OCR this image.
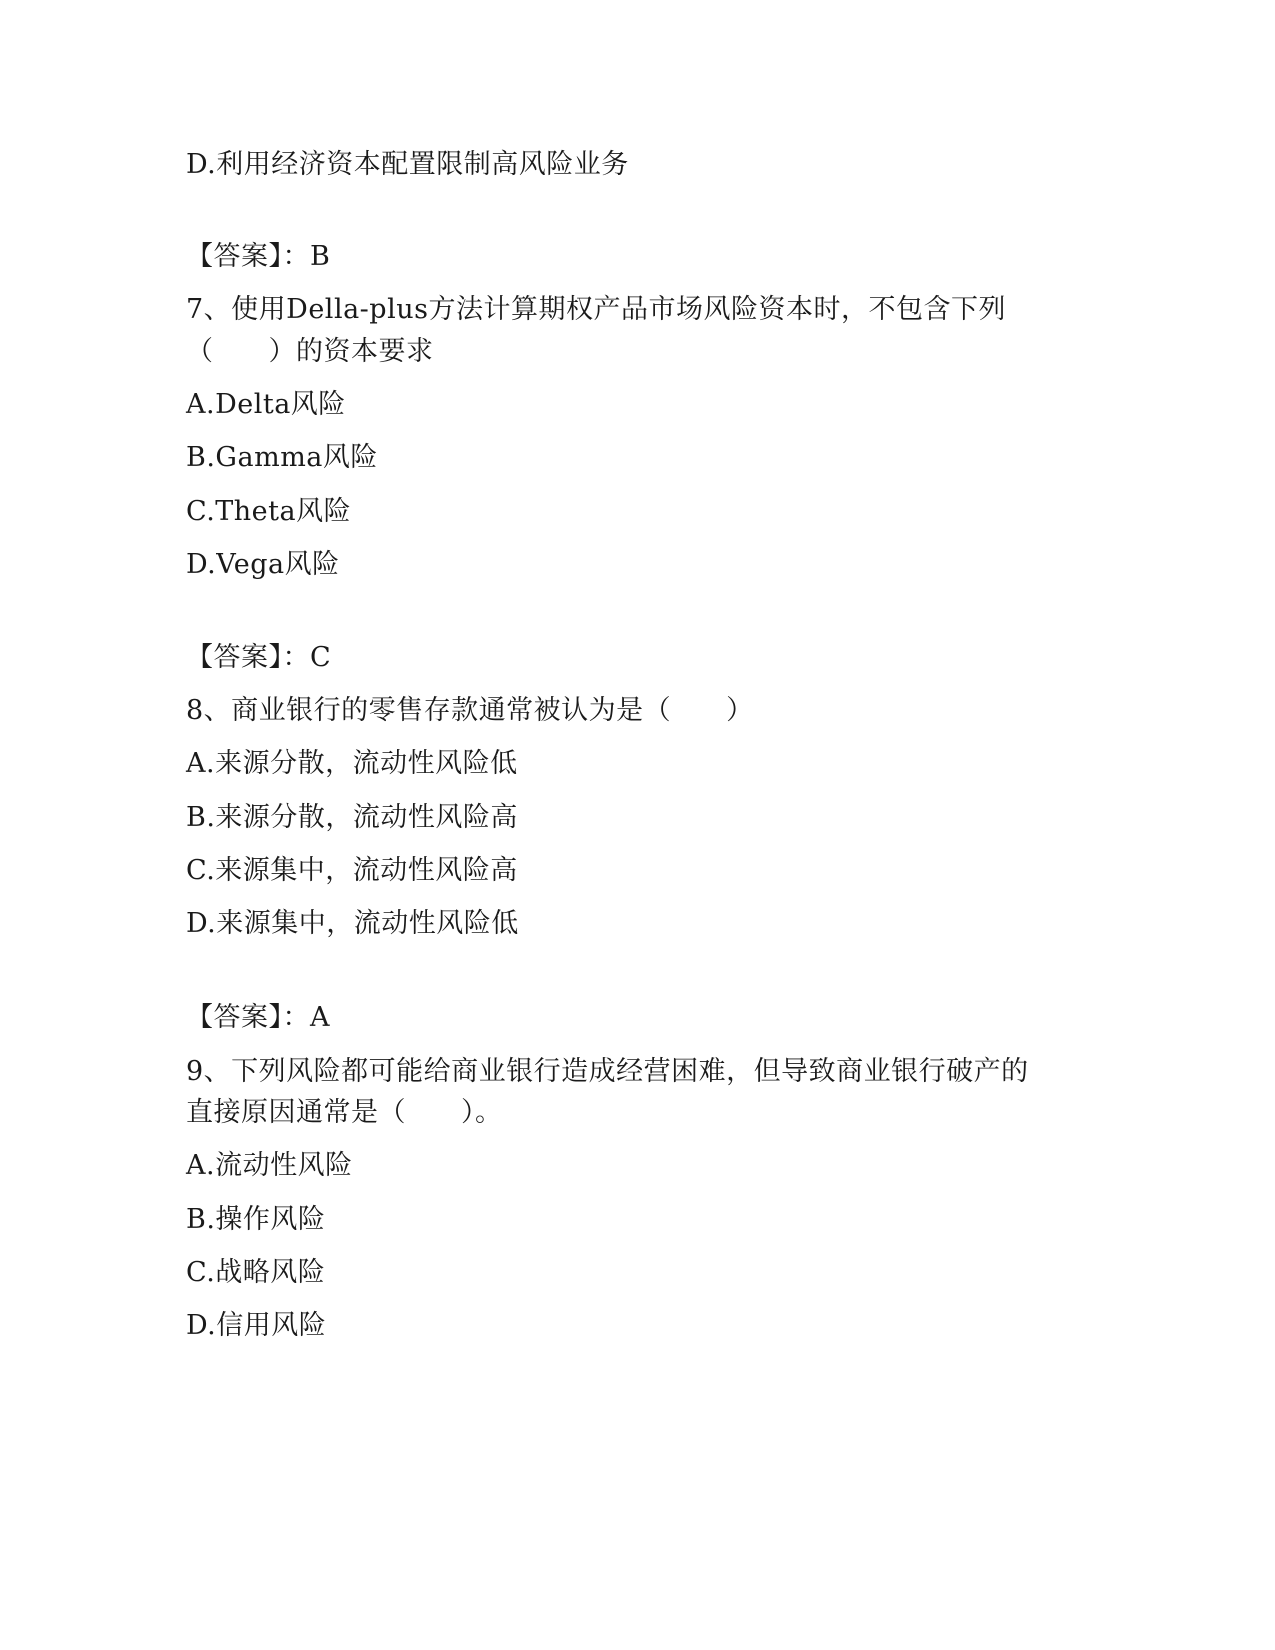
D.利用经济资本配置限制高风险业务
【答案】：B
7、使用Della-plus方法计算期权产品市场风险资本时，不包含下列
（　　）的资本要求
A.Delta风险
B.Gamma风险
C.Theta风险
D.Vega风险
【答案】：C
8、商业银行的零售存款通常被认为是（　　）
A.来源分散，流动性风险低
B.来源分散，流动性风险高
C.来源集中，流动性风险高
D.来源集中，流动性风险低
【答案】：A
9、下列风险都可能给商业银行造成经营困难，但导致商业银行破产的
直接原因通常是（　　）。
A.流动性风险
B.操作风险
C.战略风险
D.信用风险
